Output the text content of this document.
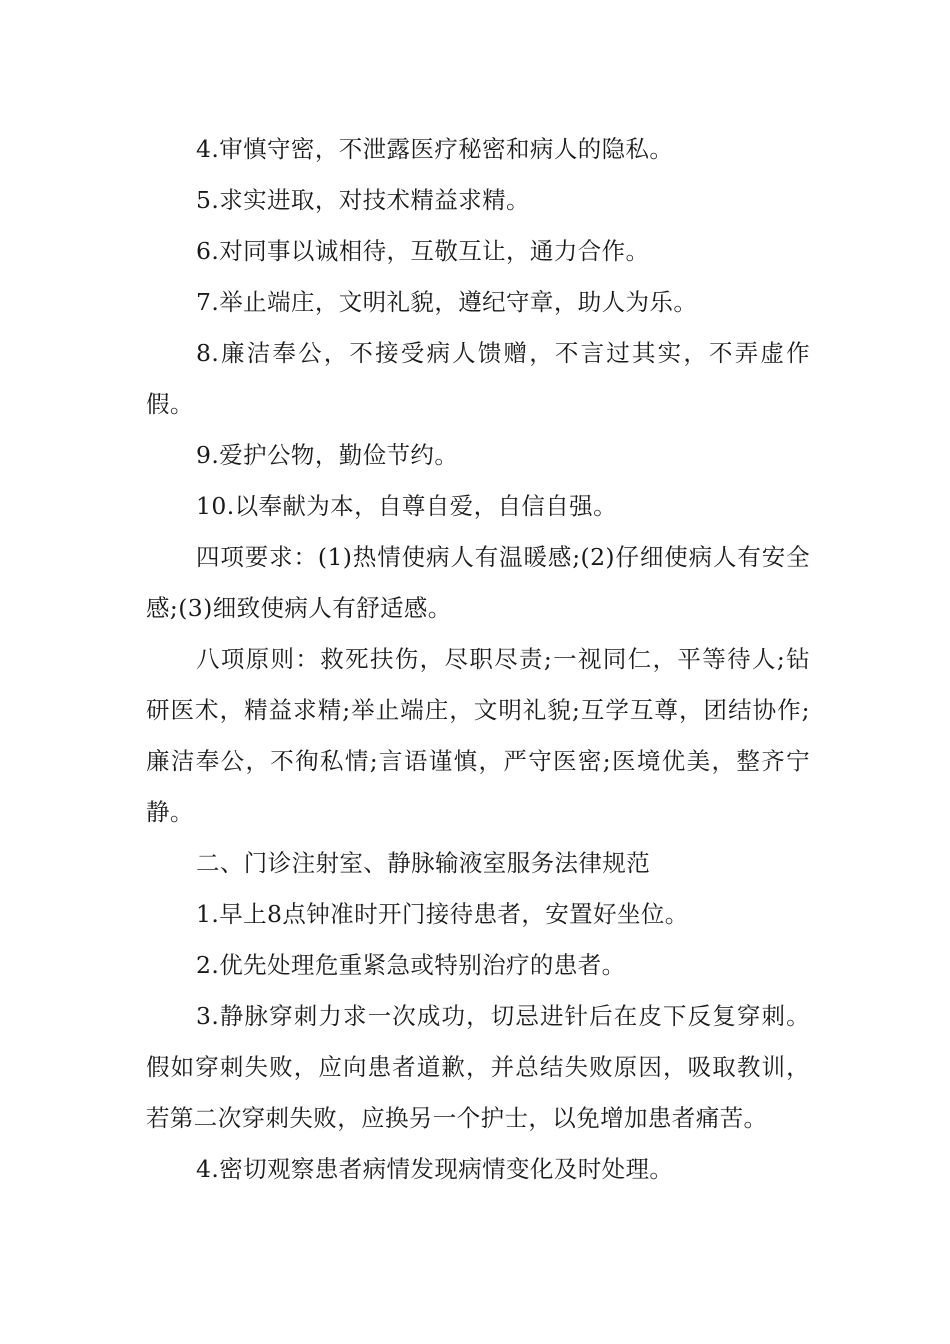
4.审慎守密，不泄露医疗秘密和病人的隐私。

5.求实进取，对技术精益求精。

6.对同事以诚相待，互敬互让，通力合作。

7.举止端庄，文明礼貌，遵纪守章，助人为乐。

8.廉洁奉公，不接受病人馈赠，不言过其实，不弄虚作假。

9.爱护公物，勤俭节约。

10.以奉献为本，自尊自爱，自信自强。

四项要求：(1)热情使病人有温暖感;(2)仔细使病人有安全感;(3)细致使病人有舒适感。

八项原则：救死扶伤，尽职尽责;一视同仁，平等待人;钻研医术，精益求精;举止端庄，文明礼貌;互学互尊，团结协作;廉洁奉公，不徇私情;言语谨慎，严守医密;医境优美，整齐宁静。

二、门诊注射室、静脉输液室服务法律规范

1.早上8点钟准时开门接待患者，安置好坐位。

2.优先处理危重紧急或特别治疗的患者。

3.静脉穿刺力求一次成功，切忌进针后在皮下反复穿刺。假如穿刺失败，应向患者道歉，并总结失败原因，吸取教训，若第二次穿刺失败，应换另一个护士，以免增加患者痛苦。

4.密切观察患者病情发现病情变化及时处理。
